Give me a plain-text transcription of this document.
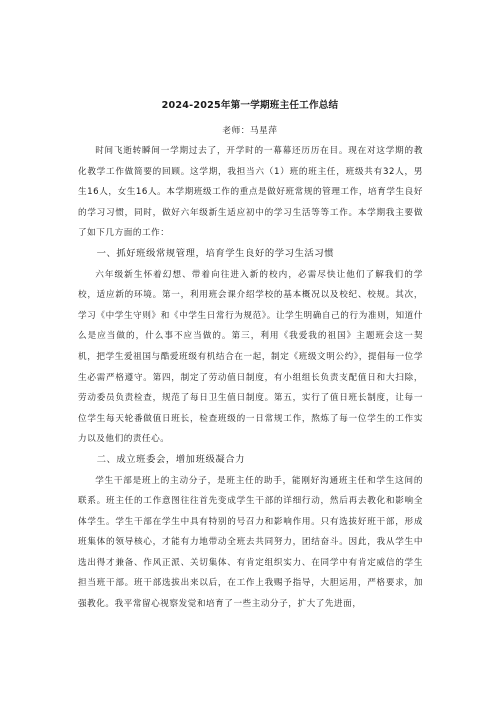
2024-2025年第一学期班主任工作总结
老师：马星萍

时间飞逝转瞬间一学期过去了，开学时的一幕幕还历历在目。现在对这学期的教化教学工作做简要的回顾。这学期，我担当六（1）班的班主任，班级共有32人，男生16人，女生16人。本学期班级工作的重点是做好班常规的管理工作，培育学生良好的学习习惯，同时，做好六年级新生适应初中的学习生活等等工作。本学期我主要做了如下几方面的工作：

一、抓好班级常规管理，培育学生良好的学习生活习惯

六年级新生怀着幻想、带着向往进入新的校内，必需尽快让他们了解我们的学校，适应新的环境。第一，利用班会课介绍学校的基本概况以及校纪、校规。其次，学习《中学生守则》和《中学生日常行为规范》。让学生明确自己的行为准则，知道什么是应当做的，什么事不应当做的。第三，利用《我爱我的祖国》主题班会这一契机，把学生爱祖国与酷爱班级有机结合在一起，制定《班级文明公约》，提倡每一位学生必需严格遵守。第四，制定了劳动值日制度，有小组组长负责支配值日和大扫除，劳动委员负责检查，规范了每日卫生值日制度。第五，实行了值日班长制度，让每一位学生每天轮番做值日班长，检查班级的一日常规工作，熬炼了每一位学生的工作实力以及他们的责任心。

二、成立班委会，增加班级凝合力

学生干部是班上的主动分子，是班主任的助手，能刚好沟通班主任和学生这间的联系。班主任的工作意图往往首先变成学生干部的详细行动，然后再去教化和影响全体学生。学生干部在学生中具有特别的号召力和影响作用。只有选拔好班干部，形成班集体的领导核心，才能有力地带动全班去共同努力，团结奋斗。因此，我从学生中选出得才兼备、作风正派、关切集体、有肯定组织实力、在同学中有肯定威信的学生担当班干部。班干部选拔出来以后，在工作上我赐予指导，大胆运用，严格要求，加强教化。我平常留心视察发觉和培育了一些主动分子，扩大了先进面，
